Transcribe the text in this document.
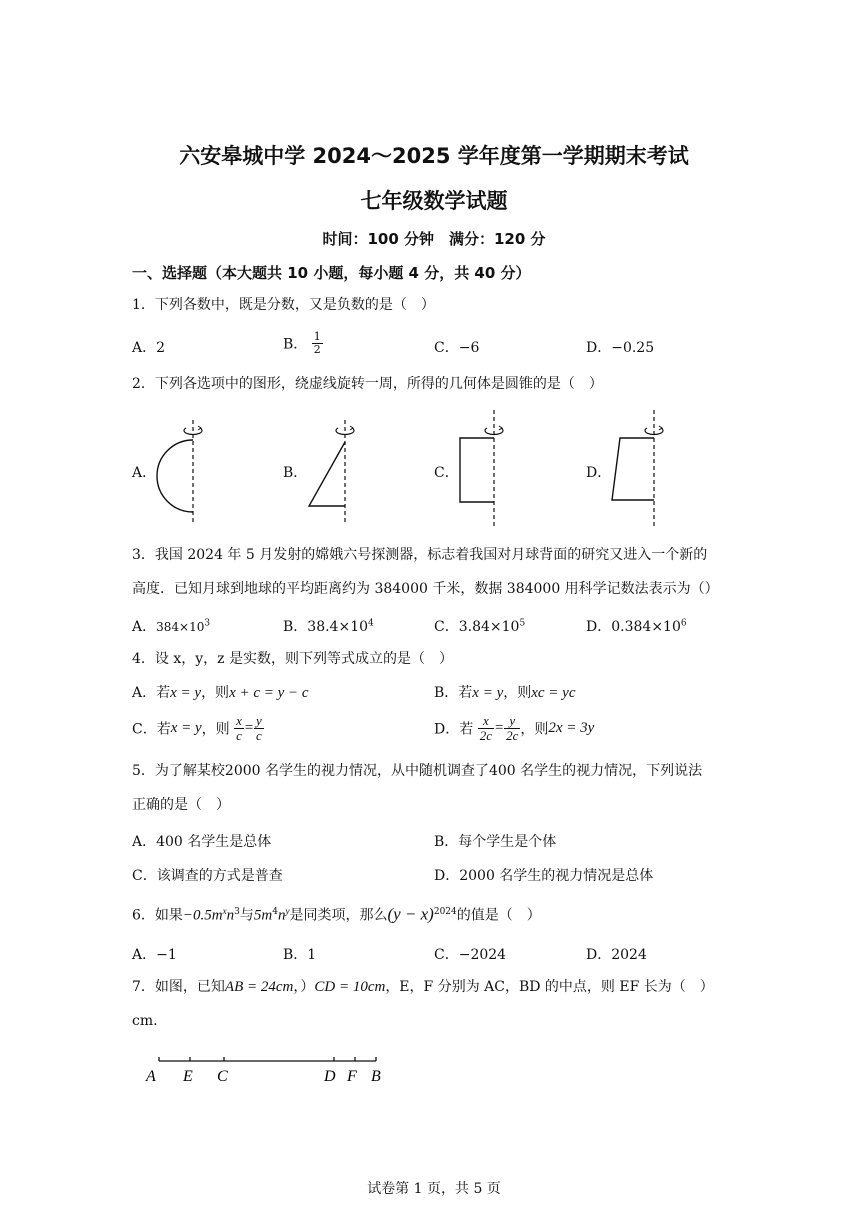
六安皋城中学 2024～2025 学年度第一学期期末考试
七年级数学试题
时间：100 分钟　满分：120 分
一、选择题（本大题共 10 小题，每小题 4 分，共 40 分）
1．下列各数中，既是分数，又是负数的是（　）
A．2	B． $\frac{1}{2}$	C．−6	D．−0.25
2．下列各选项中的图形，绕虚线旋转一周，所得的几何体是圆锥的是（　）
A．	B．	C．	D．
3．我国 2024 年 5 月发射的嫦娥六号探测器，标志着我国对月球背面的研究又进入一个新的
高度．已知月球到地球的平均距离约为 384000 千米，数据 384000 用科学记数法表示为（）
A．$384\times 10^3$	B．$38.4\times 10^4$	C．$3.84\times 10^5$	D．$0.384\times 10^6$
4．设 x，y，z 是实数，则下列等式成立的是（　）
A．若x = y，则x + c = y − c	B．若x = y，则xc = yc
C．若x = y，则 $\frac{x}{c} = \frac{y}{c}$	D．若 $\frac{x}{2c} = \frac{y}{2c}$ ，则2x = 3y
5．为了解某校2000 名学生的视力情况，从中随机调查了400 名学生的视力情况，下列说法
正确的是（　）
A．400 名学生是总体	B．每个学生是个体
C．该调查的方式是普查	D．2000 名学生的视力情况是总体
6．如果$-0.5m^xn^3$与$5m^4n^y$是同类项，那么$(y - x)^{2024}$的值是（　）
A．−1	B．1	C．−2024	D．2024
7．如图，已知AB = 24cm，）CD = 10cm，E，F 分别为 AC，BD 的中点，则 EF 长为（　）
cm.
A E C	D F B
试卷第 1 页，共 5 页
